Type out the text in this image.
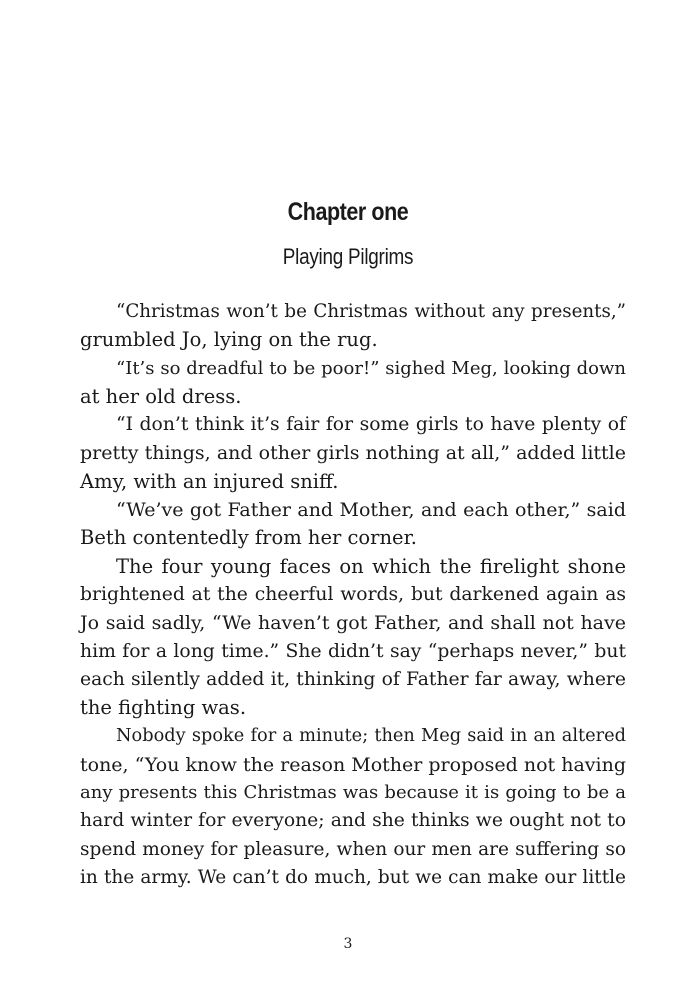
Chapter one
Playing Pilgrims
“Christmas won’t be Christmas without any presents,”
grumbled Jo, lying on the rug.
“It’s so dreadful to be poor!” sighed Meg, looking down
at her old dress.
“I don’t think it’s fair for some girls to have plenty of
pretty things, and other girls nothing at all,” added little
Amy, with an injured sniff.
“We’ve got Father and Mother, and each other,” said
Beth contentedly from her corner.
The four young faces on which the firelight shone
brightened at the cheerful words, but darkened again as
Jo said sadly, “We haven’t got Father, and shall not have
him for a long time.” She didn’t say “perhaps never,” but
each silently added it, thinking of Father far away, where
the fighting was.
Nobody spoke for a minute; then Meg said in an altered
tone, “You know the reason Mother proposed not having
any presents this Christmas was because it is going to be a
hard winter for everyone; and she thinks we ought not to
spend money for pleasure, when our men are suffering so
in the army. We can’t do much, but we can make our little
3
